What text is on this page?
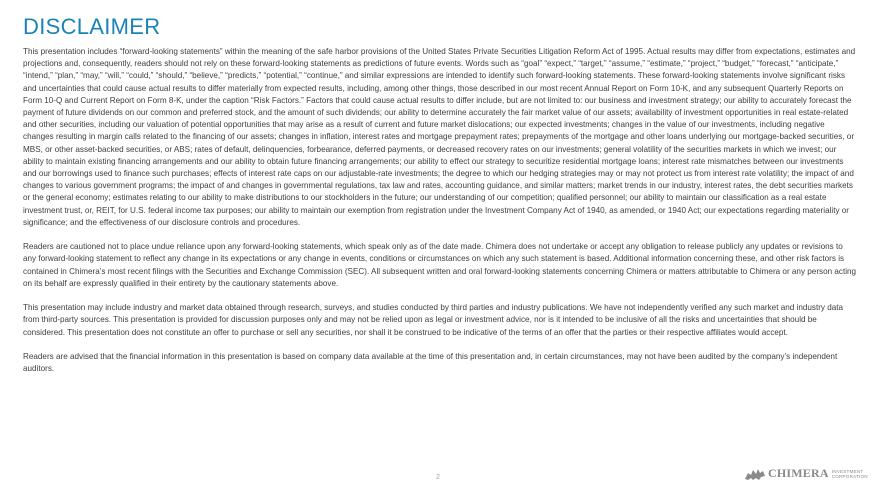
DISCLAIMER

This presentation includes “forward-looking statements” within the meaning of the safe harbor provisions of the United States Private Securities Litigation Reform Act of 1995. Actual results may differ from expectations, estimates and projections and, consequently, readers should not rely on these forward-looking statements as predictions of future events. Words such as “goal” “expect,” “target,” “assume,” “estimate,” “project,” “budget,” “forecast,” “anticipate,” “intend,” “plan,” “may,” “will,” “could,” “should,” “believe,” “predicts,” “potential,” “continue,” and similar expressions are intended to identify such forward-looking statements. These forward-looking statements involve significant risks and uncertainties that could cause actual results to differ materially from expected results, including, among other things, those described in our most recent Annual Report on Form 10-K, and any subsequent Quarterly Reports on Form 10-Q and Current Report on Form 8-K, under the caption “Risk Factors.” Factors that could cause actual results to differ include, but are not limited to: our business and investment strategy; our ability to accurately forecast the payment of future dividends on our common and preferred stock, and the amount of such dividends; our ability to determine accurately the fair market value of our assets; availability of investment opportunities in real estate-related and other securities, including our valuation of potential opportunities that may arise as a result of current and future market dislocations; our expected investments; changes in the value of our investments, including negative changes resulting in margin calls related to the financing of our assets; changes in inflation, interest rates and mortgage prepayment rates; prepayments of the mortgage and other loans underlying our mortgage-backed securities, or MBS, or other asset-backed securities, or ABS; rates of default, delinquencies, forbearance, deferred payments, or decreased recovery rates on our investments; general volatility of the securities markets in which we invest; our ability to maintain existing financing arrangements and our ability to obtain future financing arrangements; our ability to effect our strategy to securitize residential mortgage loans; interest rate mismatches between our investments and our borrowings used to finance such purchases; effects of interest rate caps on our adjustable-rate investments; the degree to which our hedging strategies may or may not protect us from interest rate volatility; the impact of and changes to various government programs; the impact of and changes in governmental regulations, tax law and rates, accounting guidance, and similar matters; market trends in our industry, interest rates, the debt securities markets or the general economy; estimates relating to our ability to make distributions to our stockholders in the future; our understanding of our competition; qualified personnel; our ability to maintain our classification as a real estate investment trust, or, REIT, for U.S. federal income tax purposes; our ability to maintain our exemption from registration under the Investment Company Act of 1940, as amended, or 1940 Act; our expectations regarding materiality or significance; and the effectiveness of our disclosure controls and procedures.

Readers are cautioned not to place undue reliance upon any forward-looking statements, which speak only as of the date made. Chimera does not undertake or accept any obligation to release publicly any updates or revisions to any forward-looking statement to reflect any change in its expectations or any change in events, conditions or circumstances on which any such statement is based. Additional information concerning these, and other risk factors is contained in Chimera’s most recent filings with the Securities and Exchange Commission (SEC). All subsequent written and oral forward-looking statements concerning Chimera or matters attributable to Chimera or any person acting on its behalf are expressly qualified in their entirety by the cautionary statements above.

This presentation may include industry and market data obtained through research, surveys, and studies conducted by third parties and industry publications. We have not independently verified any such market and industry data from third-party sources. This presentation is provided for discussion purposes only and may not be relied upon as legal or investment advice, nor is it intended to be inclusive of all the risks and uncertainties that should be considered. This presentation does not constitute an offer to purchase or sell any securities, nor shall it be construed to be indicative of the terms of an offer that the parties or their respective affiliates would accept.

Readers are advised that the financial information in this presentation is based on company data available at the time of this presentation and, in certain circumstances, may not have been audited by the company’s independent auditors.

2	CHIMERA INVESTMENT
CORPORATION
